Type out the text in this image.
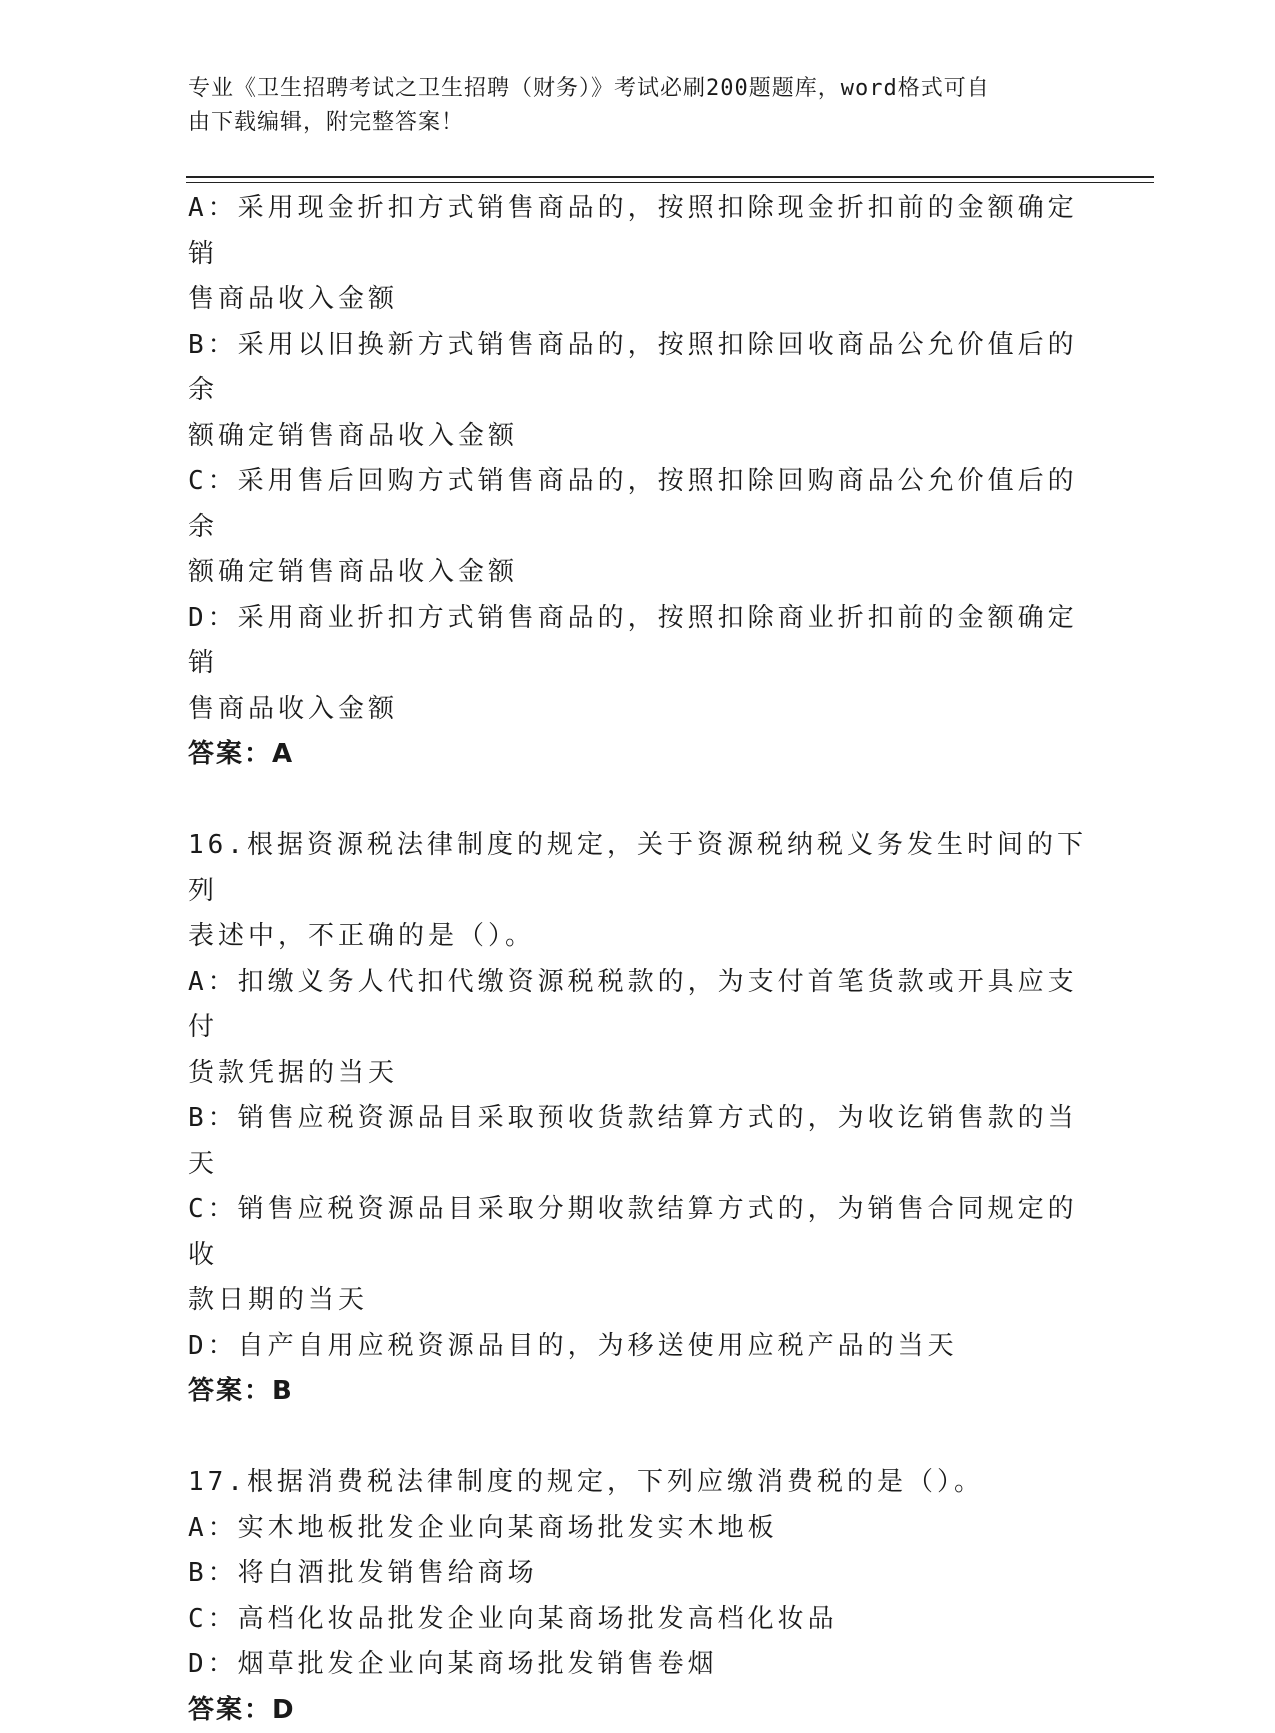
专业《卫生招聘考试之卫生招聘（财务）》考试必刷200题题库，word格式可自
由下载编辑，附完整答案！
A：采用现金折扣方式销售商品的，按照扣除现金折扣前的金额确定销
售商品收入金额
B：采用以旧换新方式销售商品的，按照扣除回收商品公允价值后的余
额确定销售商品收入金额
C：采用售后回购方式销售商品的，按照扣除回购商品公允价值后的余
额确定销售商品收入金额
D：采用商业折扣方式销售商品的，按照扣除商业折扣前的金额确定销
售商品收入金额
答案：A
16.根据资源税法律制度的规定，关于资源税纳税义务发生时间的下列
表述中，不正确的是（）。
A：扣缴义务人代扣代缴资源税税款的，为支付首笔货款或开具应支付
货款凭据的当天
B：销售应税资源品目采取预收货款结算方式的，为收讫销售款的当天
C：销售应税资源品目采取分期收款结算方式的，为销售合同规定的收
款日期的当天
D：自产自用应税资源品目的，为移送使用应税产品的当天
答案：B
17.根据消费税法律制度的规定，下列应缴消费税的是（）。
A：实木地板批发企业向某商场批发实木地板
B：将白酒批发销售给商场
C：高档化妆品批发企业向某商场批发高档化妆品
D：烟草批发企业向某商场批发销售卷烟
答案：D
